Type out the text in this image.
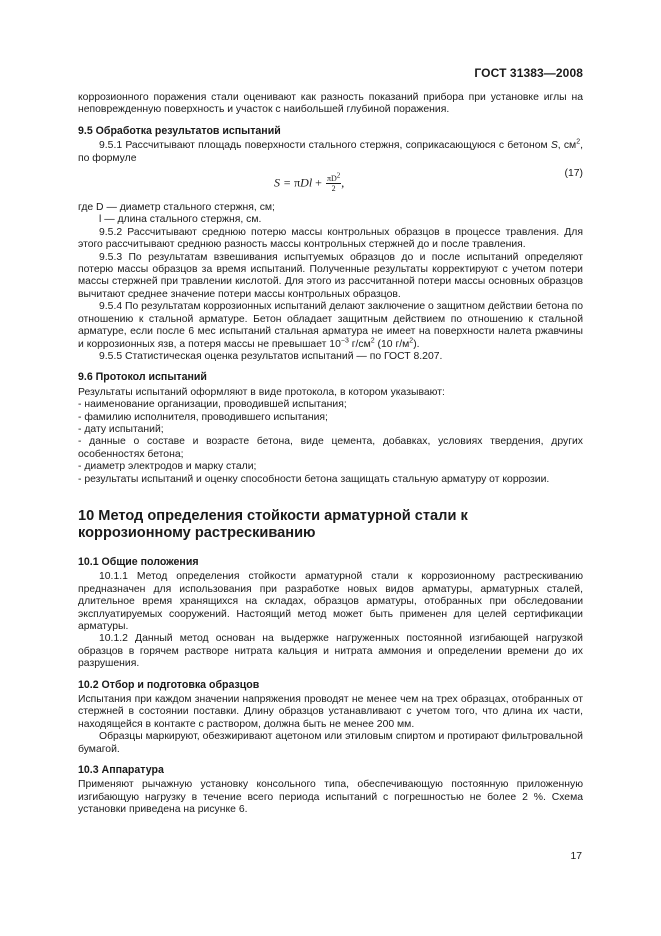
ГОСТ 31383—2008

коррозионного поражения стали оценивают как разность показаний прибора при установке иглы на неповрежденную поверхность и участок с наибольшей глубиной поражения.

9.5 Обработка результатов испытаний

9.5.1 Рассчитывают площадь поверхности стального стержня, соприкасающуюся с бетоном S, $см^2$, по формуле

$S = \pi Dl + \frac{\pi D^2}{2}$ ,
(17)

где D — диаметр стального стержня, см;

l — длина стального стержня, см.

9.5.2 Рассчитывают среднюю потерю массы контрольных образцов в процессе травления. Для этого рассчитывают среднюю разность массы контрольных стержней до и после травления.

9.5.3 По результатам взвешивания испытуемых образцов до и после испытаний определяют потерю массы образцов за время испытаний. Полученные результаты корректируют с учетом потери массы стержней при травлении кислотой. Для этого из рассчитанной потери массы основных образцов вычитают среднее значение потери массы контрольных образцов.

9.5.4 По результатам коррозионных испытаний делают заключение о защитном действии бетона по отношению к стальной арматуре. Бетон обладает защитным действием по отношению к стальной арматуре, если после 6 мес испытаний стальная арматура не имеет на поверхности налета ржавчины и коррозионных язв, а потеря массы не превышает $10^{-3}$ $г/см^2$ (10 $г/м^2$).

9.5.5 Статистическая оценка результатов испытаний — по ГОСТ 8.207.

9.6 Протокол испытаний

Результаты испытаний оформляют в виде протокола, в котором указывают:

- наименование организации, проводившей испытания;

- фамилию исполнителя, проводившего испытания;

- дату испытаний;

- данные о составе и возрасте бетона, виде цемента, добавках, условиях твердения, других особенностях бетона;

- диаметр электродов и марку стали;

- результаты испытаний и оценку способности бетона защищать стальную арматуру от коррозии.

10 Метод определения стойкости арматурной стали к коррозионному растрескиванию

10.1 Общие положения

10.1.1 Метод определения стойкости арматурной стали к коррозионному растрескиванию предназначен для использования при разработке новых видов арматуры, арматурных сталей, длительное время хранящихся на складах, образцов арматуры, отобранных при обследовании эксплуатируемых сооружений. Настоящий метод может быть применен для целей сертификации арматуры.

10.1.2 Данный метод основан на выдержке нагруженных постоянной изгибающей нагрузкой образцов в горячем растворе нитрата кальция и нитрата аммония и определении времени до их разрушения.

10.2 Отбор и подготовка образцов

Испытания при каждом значении напряжения проводят не менее чем на трех образцах, отобранных от стержней в состоянии поставки. Длину образцов устанавливают с учетом того, что длина их части, находящейся в контакте с раствором, должна быть не менее 200 мм.

Образцы маркируют, обезжиривают ацетоном или этиловым спиртом и протирают фильтровальной бумагой.

10.3 Аппаратура

Применяют рычажную установку консольного типа, обеспечивающую постоянную приложенную изгибающую нагрузку в течение всего периода испытаний с погрешностью не более 2 %. Схема установки приведена на рисунке 6.

17
